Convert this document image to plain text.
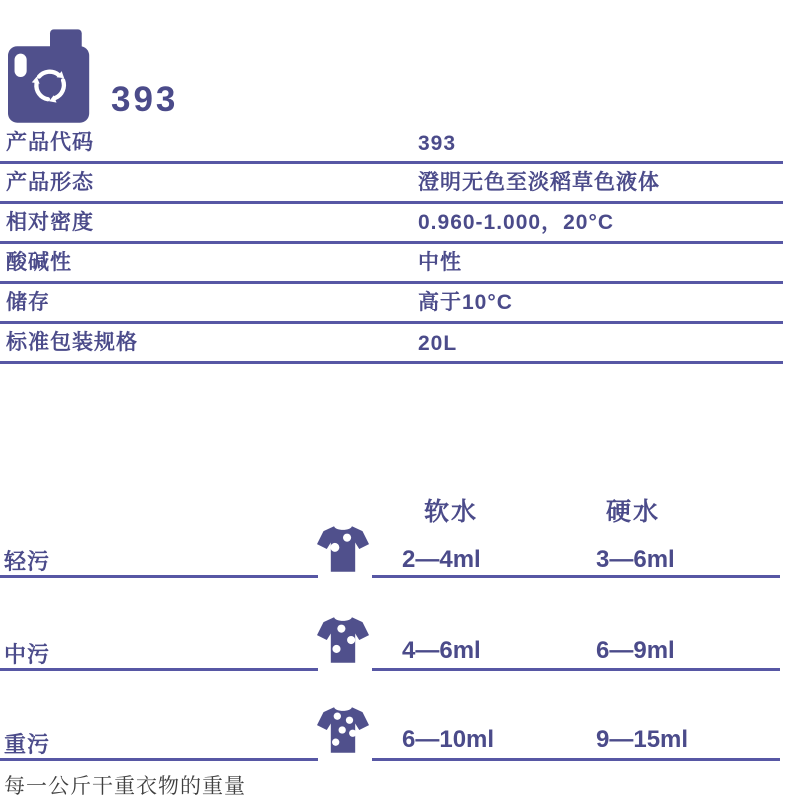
393
产品代码	393
产品形态	澄明无色至淡稻草色液体
相对密度	0.960-1.000，20°C
酸碱性	中性
储存	高于10°C
标准包装规格	20L
软水	硬水
轻污	2—4ml	3—6ml
中污	4—6ml	6—9ml
重污	6—10ml	9—15ml
每一公斤干重衣物的重量
